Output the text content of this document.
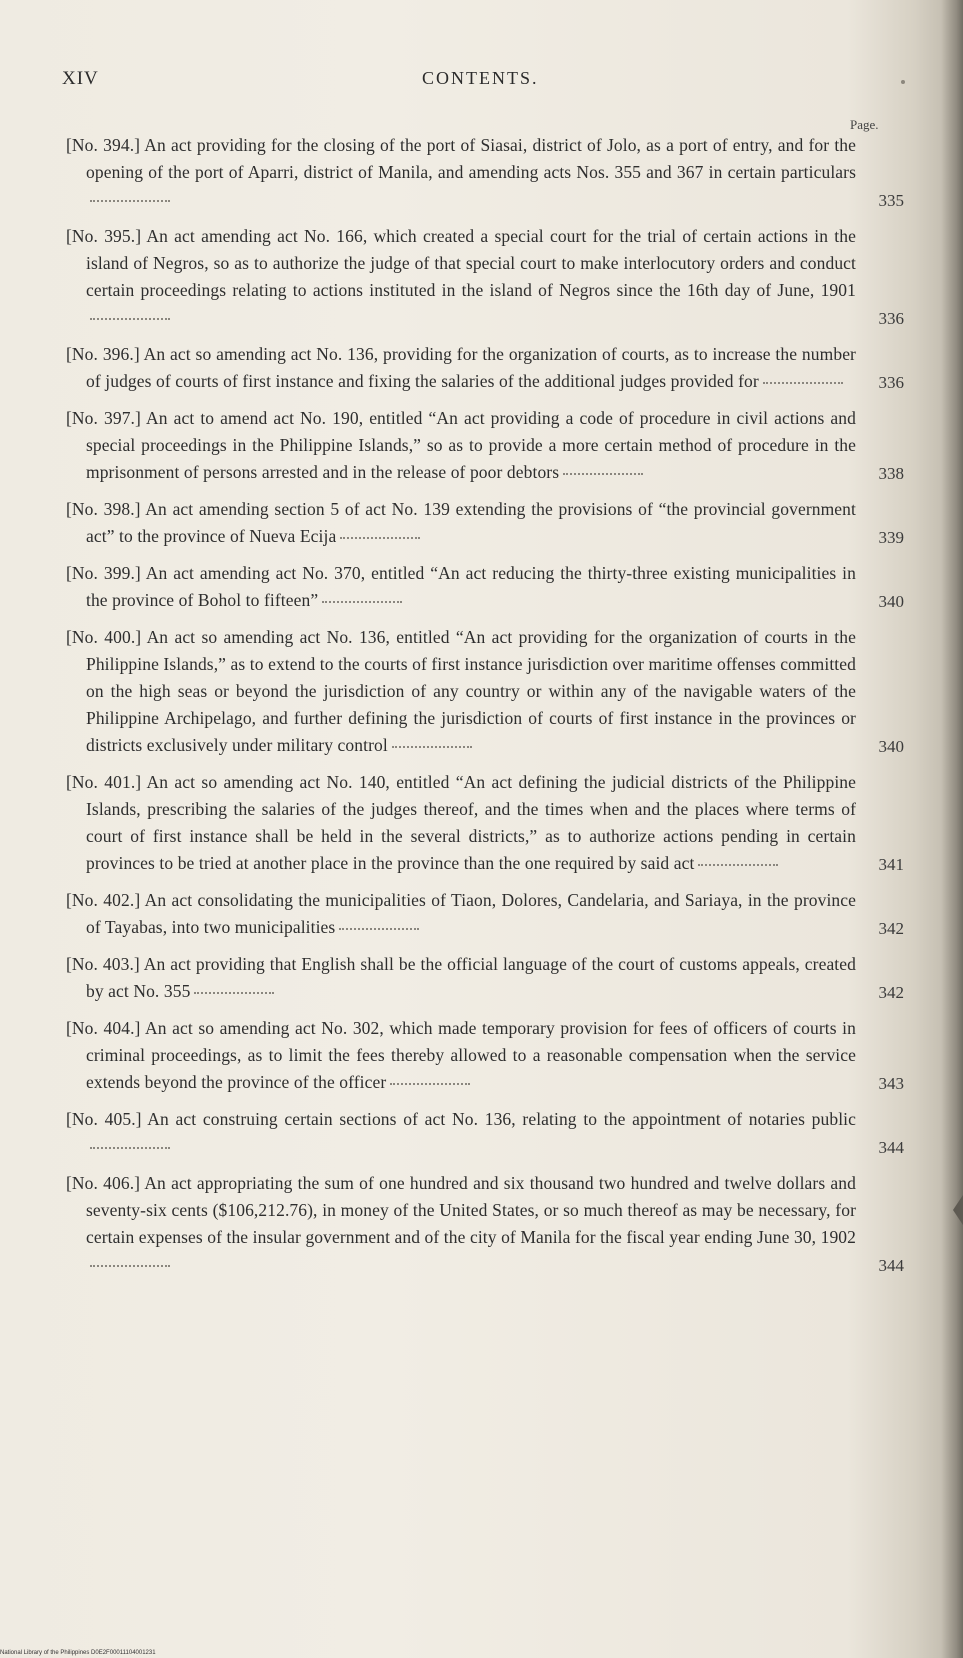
XIV	CONTENTS.
Page.
[No. 394.] An act providing for the closing of the port of Siasai, district of Jolo, as a port of entry, and for the opening of the port of Aparri, district of Manila, and amending acts Nos. 355 and 367 in certain particulars
335
[No. 395.] An act amending act No. 166, which created a special court for the trial of certain actions in the island of Negros, so as to authorize the judge of that special court to make interlocutory orders and conduct certain proceedings relating to actions instituted in the island of Negros since the 16th day of June, 1901
336
[No. 396.] An act so amending act No. 136, providing for the organization of courts, as to increase the number of judges of courts of first instance and fixing the salaries of the additional judges provided for	336
[No. 397.] An act to amend act No. 190, entitled “An act providing a code of procedure in civil actions and special proceedings in the Philippine Islands,” so as to provide a more certain method of procedure in the mprisonment of persons arrested and in the release of poor debtors	338
[No. 398.] An act amending section 5 of act No. 139 extending the provisions of “the provincial government act” to the province of Nueva Ecija	339
[No. 399.] An act amending act No. 370, entitled “An act reducing the thirty-three existing municipalities in the province of Bohol to fifteen”	340
[No. 400.] An act so amending act No. 136, entitled “An act providing for the organization of courts in the Philippine Islands,” as to extend to the courts of first instance jurisdiction over maritime offenses committed on the high seas or beyond the jurisdiction of any country or within any of the navigable waters of the Philippine Archipelago, and further defining the jurisdiction of courts of first instance in the provinces or districts exclusively under military control	340
[No. 401.] An act so amending act No. 140, entitled “An act defining the judicial districts of the Philippine Islands, prescribing the salaries of the judges thereof, and the times when and the places where terms of court of first instance shall be held in the several districts,” as to authorize actions pending in certain provinces to be tried at another place in the province than the one required by said act	341
[No. 402.] An act consolidating the municipalities of Tiaon, Dolores, Candelaria, and Sariaya, in the province of Tayabas, into two municipalities	342
[No. 403.] An act providing that English shall be the official language of the court of customs appeals, created by act No. 355	342
[No. 404.] An act so amending act No. 302, which made temporary provision for fees of officers of courts in criminal proceedings, as to limit the fees thereby allowed to a reasonable compensation when the service extends beyond the province of the officer	343
[No. 405.] An act construing certain sections of act No. 136, relating to the appointment of notaries public
344
[No. 406.] An act appropriating the sum of one hundred and six thousand two hundred and twelve dollars and seventy-six cents ($106,212.76), in money of the United States, or so much thereof as may be necessary, for certain expenses of the insular government and of the city of Manila for the fiscal year ending June 30, 1902
344
National Library of the Philippines D0E2F00011104001231
